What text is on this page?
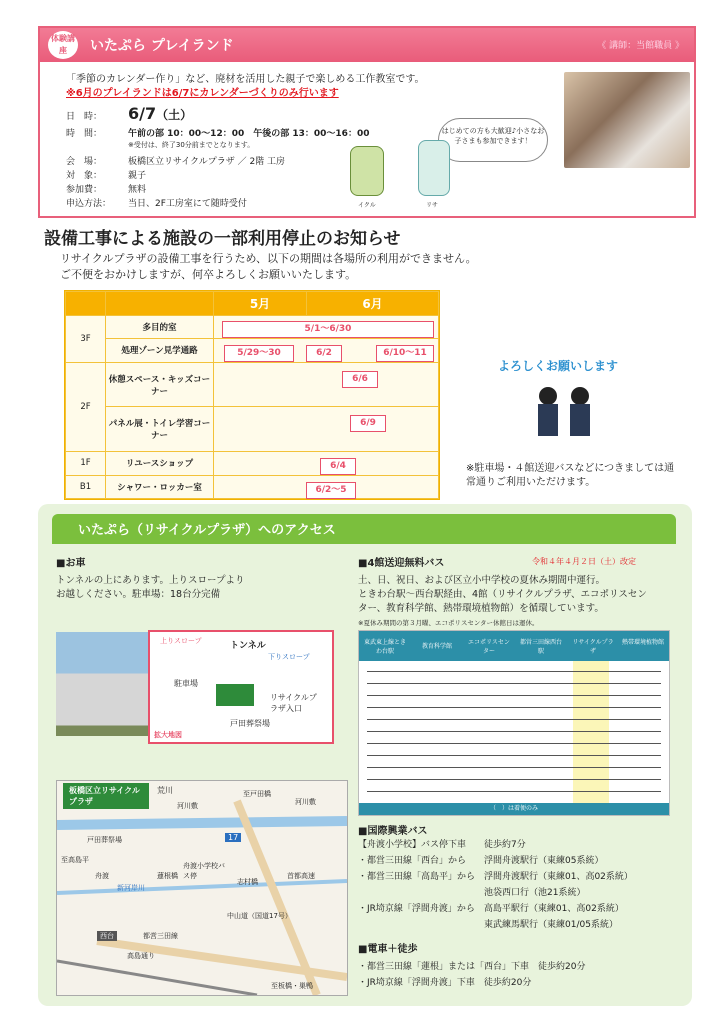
体験講座	いたぷら プレイランド	《 講師：当館職員 》
「季節のカレンダー作り」など、廃材を活用した親子で楽しめる工作教室です。
※6月のプレイランドは6/7にカレンダーづくりのみ行います
日　時： 6/7（土）
時　間：	午前の部 10：00〜12：00　午後の部 13：00〜16：00
※受付は、終了30分前までとなります。
会　場：	板橋区立リサイクルプラザ ／ 2階 工房
対　象：	親子
参加費：	無料
申込方法： 当日、2F工房室にて随時受付
はじめての方も大歓迎♪小さなお子さまも参加できます！
イクル	リサ
設備工事による施設の一部利用停止のお知らせ
リサイクルプラザの設備工事を行うため、以下の期間は各場所の利用ができません。
ご不便をおかけしますが、何卒よろしくお願いいたします。
		5月	6月
3F	多目的室	5/1〜6/30	

	処理ゾーン見学通路	5/29〜30 6/2 6/10〜11	

2F	休憩スペース・キッズコーナー	6/6	

	パネル展・トイレ学習コーナー	6/9	

1F	リユースショップ	6/4	

B1	シャワー・ロッカー室	6/2〜5	
よろしくお願いします
※駐車場・４館送迎バスなどにつきましては通常通りご利用いただけます。
いたぷら（リサイクルプラザ）へのアクセス
■お車
トンネルの上にあります。上りスロープより
お越しください。駐車場：18台分完備
上りスロープ	トンネル
下りスロープ
駐車場
リサイクルプラザ入口
戸田葬祭場
拡大地図
板橋区立リサイクルプラザ
荒川	至戸田橋
河川敷	河川敷
戸田葬祭場
至高島平
舟渡小学校バス停
蓮根橋
新河岸川
舟渡
17
志村橋
西台	都営三田線
高島通り
中山道（国道17号）
首都高速
至板橋・巣鴨
■4館送迎無料バス	令和４年４月２日（土）改定
土、日、祝日、および区立小中学校の夏休み期間中運行。
ときわ台駅〜西台駅経由、4館（リサイクルプラザ、エコポリスセン
ター、教育科学館、熱帯環境植物館）を循環しています。
※夏休み期間の第３月曜、エコポリスセンター休館日は運休。
東武東上線ときわ台駅
教育科学館
エコポリスセンター
都営三田線西台駅
リサイクルプラザ
熱帯環境植物館
（　）は着便のみ
■国際興業バス
【舟渡小学校】バス停下車　　徒歩約7分
・都営三田線「西台」から　　浮間舟渡駅行（東練05系統）
・都営三田線「高島平」から　浮間舟渡駅行（東練01、高02系統）
　　　　　　　　　　　　　　池袋西口行（池21系統）
・JR埼京線「浮間舟渡」から　高島平駅行（東練01、高02系統）
　　　　　　　　　　　　　　東武練馬駅行（東練01/05系統）
■電車＋徒歩
・都営三田線「蓮根」または「西台」下車　徒歩約20分
・JR埼京線「浮間舟渡」下車　徒歩約20分
